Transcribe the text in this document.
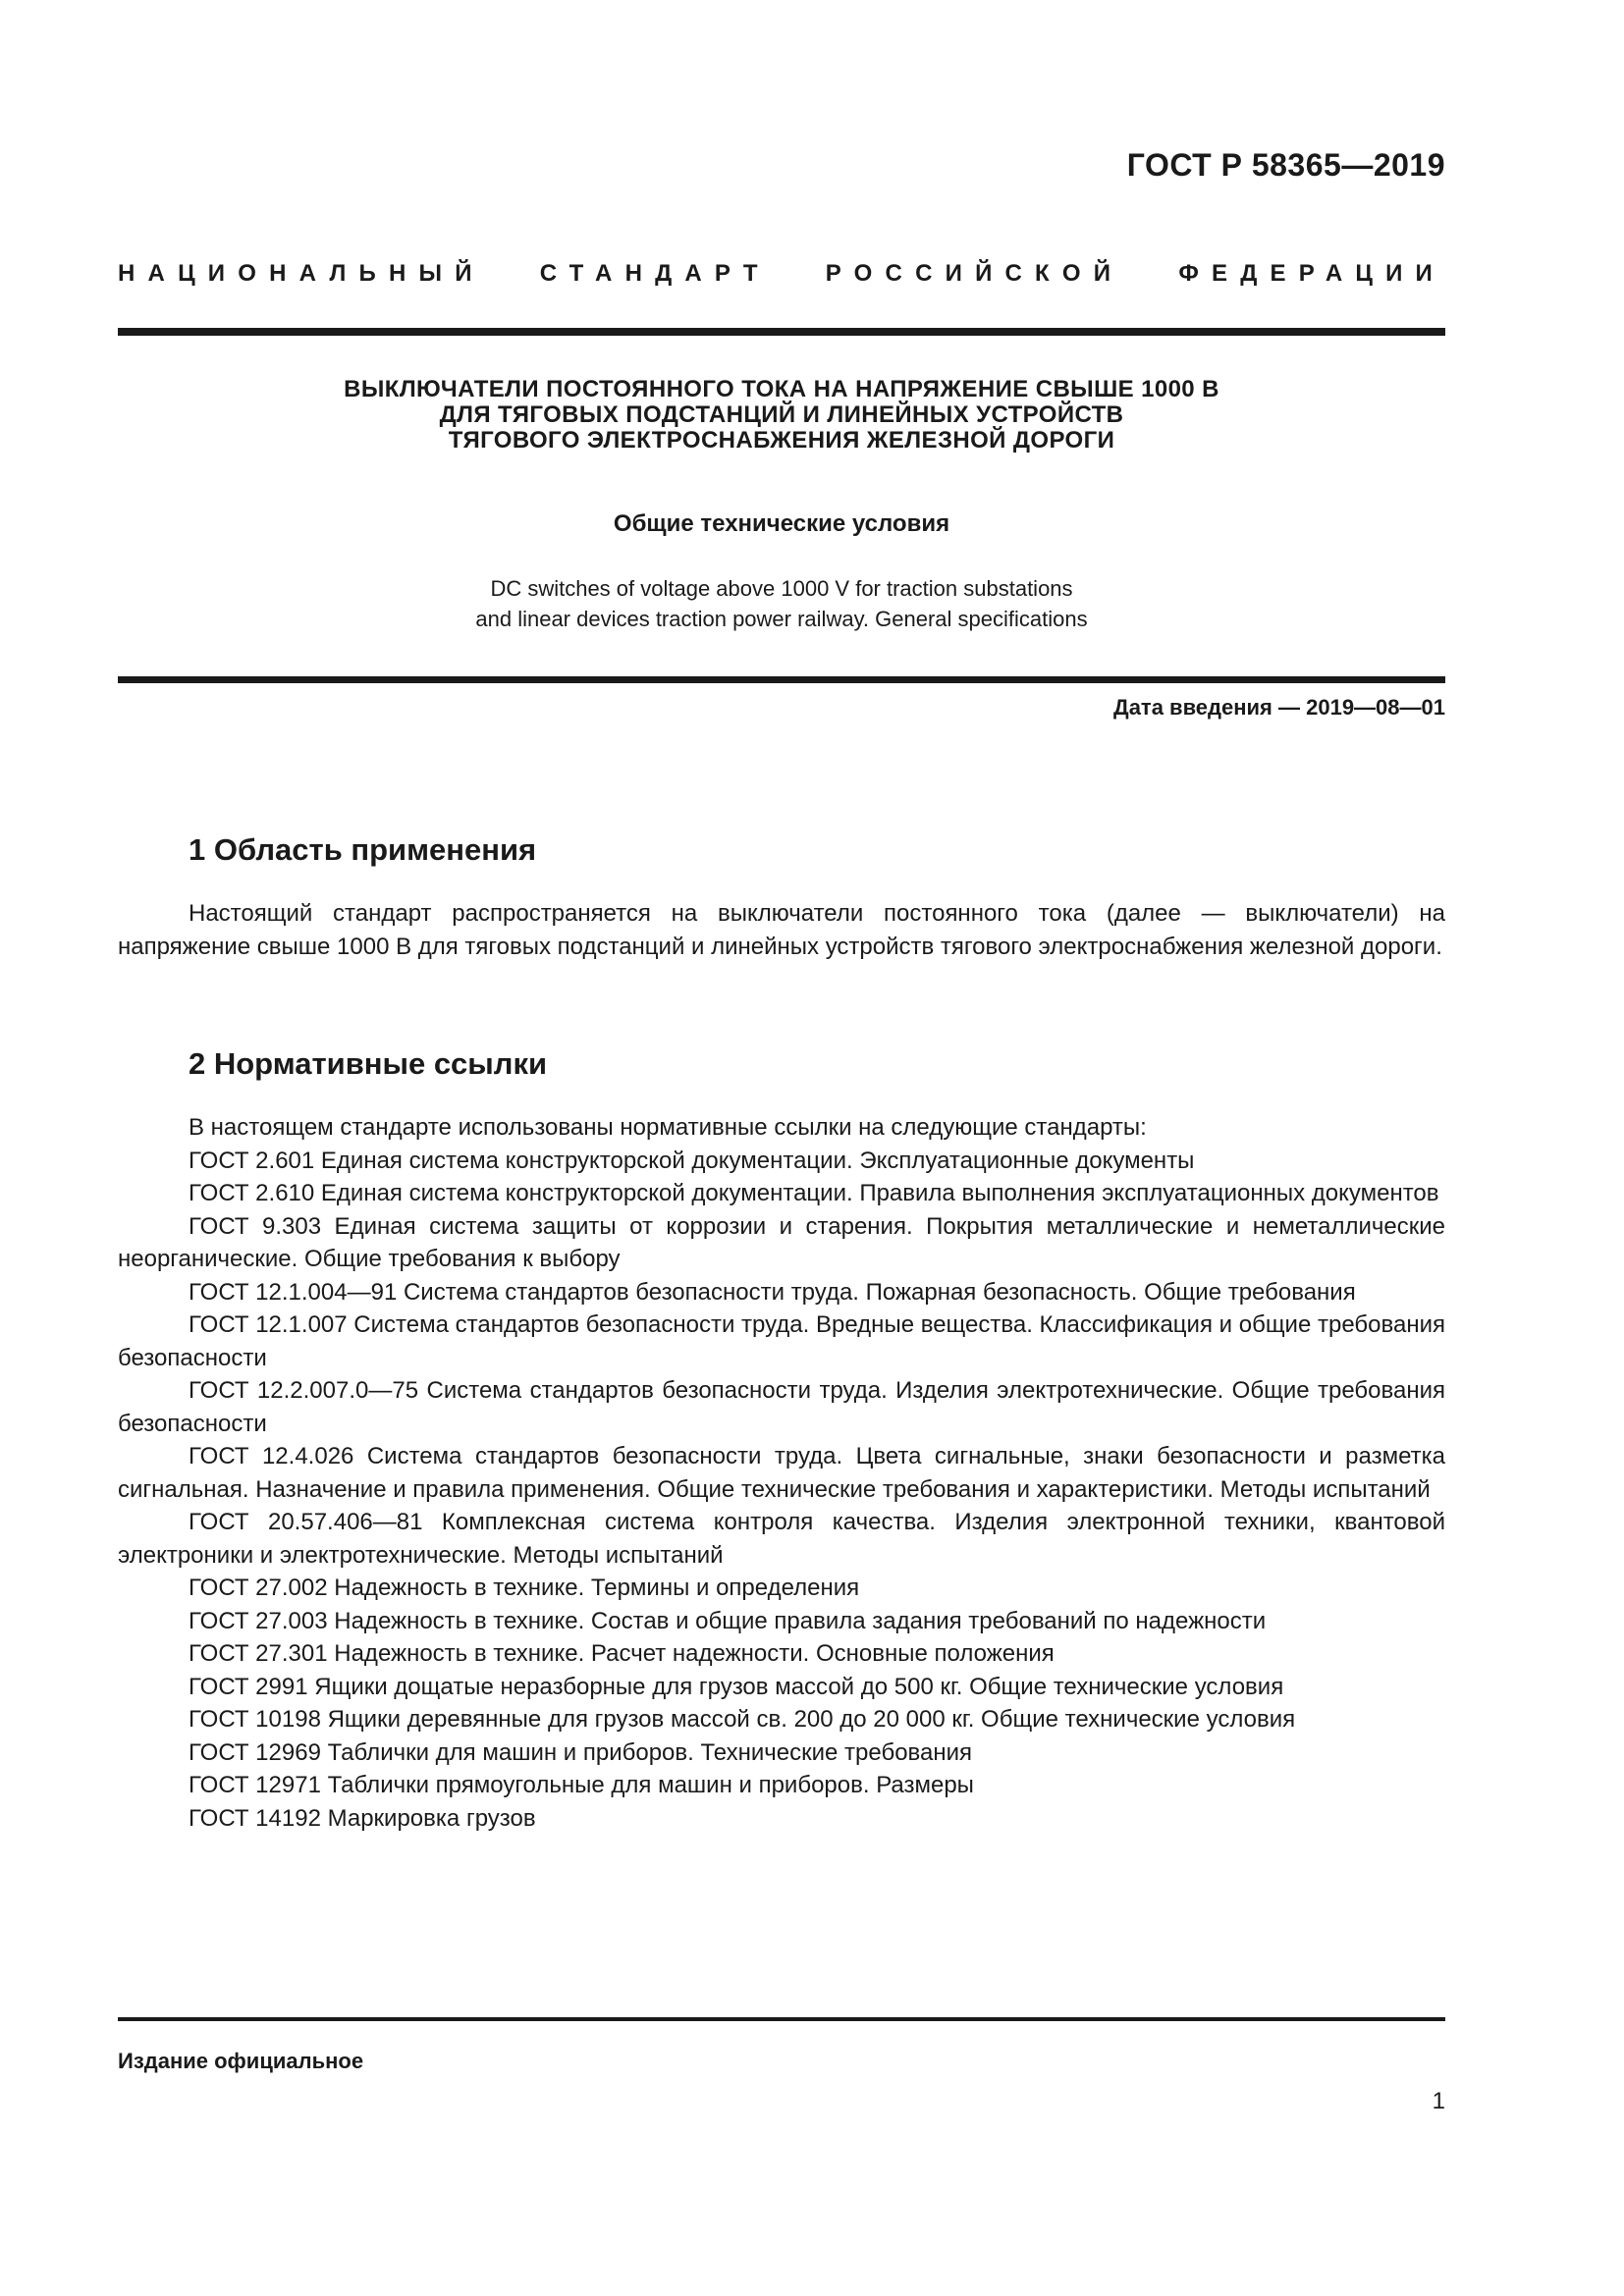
ГОСТ Р 58365—2019
НАЦИОНАЛЬНЫЙ СТАНДАРТ РОССИЙСКОЙ ФЕДЕРАЦИИ
ВЫКЛЮЧАТЕЛИ ПОСТОЯННОГО ТОКА НА НАПРЯЖЕНИЕ СВЫШЕ 1000 В
ДЛЯ ТЯГОВЫХ ПОДСТАНЦИЙ И ЛИНЕЙНЫХ УСТРОЙСТВ
ТЯГОВОГО ЭЛЕКТРОСНАБЖЕНИЯ ЖЕЛЕЗНОЙ ДОРОГИ
Общие технические условия
DC switches of voltage above 1000 V for traction substations
and linear devices traction power railway. General specifications
Дата введения — 2019—08—01
1 Область применения

Настоящий стандарт распространяется на выключатели постоянного тока (далее — выключатели) на напряжение свыше 1000 В для тяговых подстанций и линейных устройств тягового электроснабжения железной дороги.

2 Нормативные ссылки
В настоящем стандарте использованы нормативные ссылки на следующие стандарты:
ГОСТ 2.601 Единая система конструкторской документации. Эксплуатационные документы
ГОСТ 2.610 Единая система конструкторской документации. Правила выполнения эксплуатационных документов
ГОСТ 9.303 Единая система защиты от коррозии и старения. Покрытия металлические и неметаллические неорганические. Общие требования к выбору
ГОСТ 12.1.004—91 Система стандартов безопасности труда. Пожарная безопасность. Общие требования
ГОСТ 12.1.007 Система стандартов безопасности труда. Вредные вещества. Классификация и общие требования безопасности
ГОСТ 12.2.007.0—75 Система стандартов безопасности труда. Изделия электротехнические. Общие требования безопасности
ГОСТ 12.4.026 Система стандартов безопасности труда. Цвета сигнальные, знаки безопасности и разметка сигнальная. Назначение и правила применения. Общие технические требования и характеристики. Методы испытаний
ГОСТ 20.57.406—81 Комплексная система контроля качества. Изделия электронной техники, квантовой электроники и электротехнические. Методы испытаний
ГОСТ 27.002 Надежность в технике. Термины и определения
ГОСТ 27.003 Надежность в технике. Состав и общие правила задания требований по надежности
ГОСТ 27.301 Надежность в технике. Расчет надежности. Основные положения
ГОСТ 2991 Ящики дощатые неразборные для грузов массой до 500 кг. Общие технические условия
ГОСТ 10198 Ящики деревянные для грузов массой св. 200 до 20 000 кг. Общие технические условия
ГОСТ 12969 Таблички для машин и приборов. Технические требования
ГОСТ 12971 Таблички прямоугольные для машин и приборов. Размеры
ГОСТ 14192 Маркировка грузов
Издание официальное
1
